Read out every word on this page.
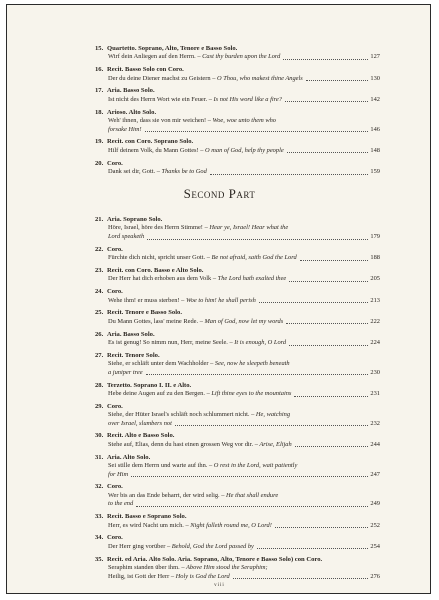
15. Quartetto. Soprano, Alto, Tenore e Basso Solo.
Wirf dein Anliegen auf den Herrn. – Cast thy burden upon the Lord	127
16. Recit. Basso Solo con Coro.
Der du deine Diener machst zu Geistern – O Thou, who makest thine Angels	130
17. Aria. Basso Solo.
Ist nicht des Herrn Wort wie ein Feuer. – Is not His word like a fire?	142
18. Arioso. Alto Solo.
Weh' ihnen, dass sie von mir weichen! – Woe, woe unto them who
forsake Him!	146
19. Recit. con Coro. Soprano Solo.
Hilf deinem Volk, du Mann Gottes! – O man of God, help thy people	148
20. Coro.
Dank sei dir, Gott. – Thanks be to God	159
Second Part
21. Aria. Soprano Solo.
Höre, Israel, höre des Herrn Stimme! – Hear ye, Israel! Hear what the
Lord speaketh	179
22. Coro.
Fürchte dich nicht, spricht unser Gott. – Be not afraid, saith God the Lord	188
23. Recit. con Coro. Basso e Alto Solo.
Der Herr hat dich erhoben aus dem Volk – The Lord hath exalted thee	205
24. Coro.
Wehe ihm! er muss sterben! – Woe to him! he shall perish	213
25. Recit. Tenore e Basso Solo.
Du Mann Gottes, lass' meine Rede. – Man of God, now let my words	222
26. Aria. Basso Solo.
Es ist genug! So nimm nun, Herr, meine Seele. – It is enough, O Lord	224
27. Recit. Tenore Solo.
Siehe, er schläft unter dem Wachholder – See, now he sleepeth beneath
a juniper tree	230
28. Terzetto. Soprano I. II. e Alto.
Hebe deine Augen auf zu den Bergen. – Lift thine eyes to the mountains	231
29. Coro.
Siehe, der Hüter Israel's schläft noch schlummert nicht. – He, watching
over Israel, slumbers not	232
30. Recit. Alto e Basso Solo.
Stehe auf, Elias, denn du hast einen grossen Weg vor dir. – Arise, Elijah	244
31. Aria. Alto Solo.
Sei stille dem Herrn und warte auf ihn. – O rest in the Lord, wait patiently
for Him	247
32. Coro.
Wer bis an das Ende beharrt, der wird selig. – He that shall endure
to the end	249
33. Recit. Basso e Soprano Solo.
Herr, es wird Nacht um mich. – Night falleth round me, O Lord!	252
34. Coro.
Der Herr ging vorüber – Behold, God the Lord passed by	254
35. Recit. ed Aria. Alto Solo. Aria. Soprano, Alto, Tenore e Basso Solo) con Coro.
Seraphim standen über ihm. – Above Him stood the Seraphim;
Heilig, ist Gott der Herr – Holy is God the Lord	276
viii
